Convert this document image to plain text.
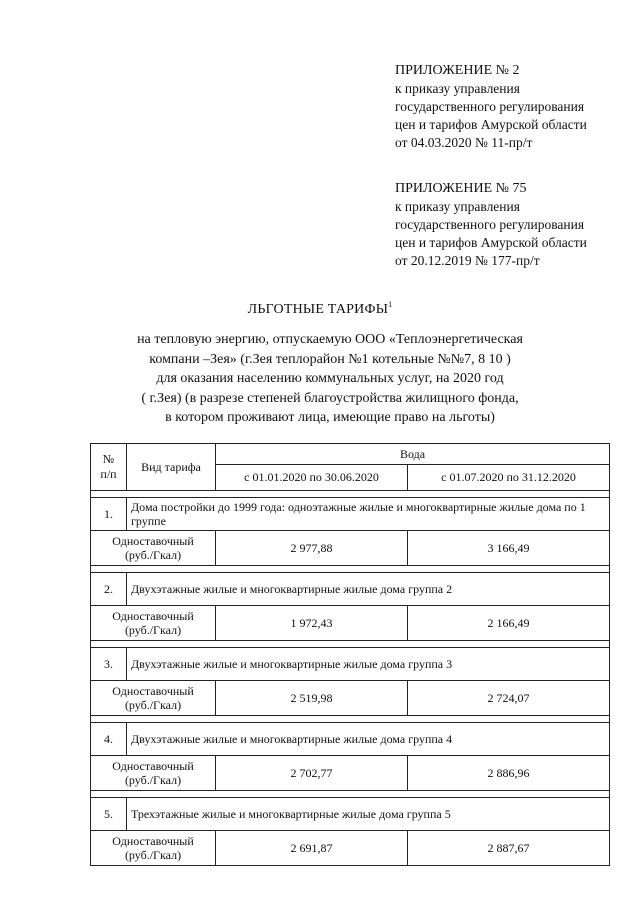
ПРИЛОЖЕНИЕ № 2
к приказу управления
государственного регулирования
цен и тарифов Амурской области
от 04.03.2020 № 11-пр/т
ПРИЛОЖЕНИЕ № 75
к приказу управления
государственного регулирования
цен и тарифов Амурской области
от 20.12.2019 № 177-пр/т
ЛЬГОТНЫЕ ТАРИФЫ$^1$
на тепловую энергию, отпускаемую ООО «Теплоэнергетическая
компани –Зея» (г.Зея теплорайон №1 котельные №№7, 8 10 )
для оказания населению коммунальных услуг, на 2020 год
( г.Зея) (в разрезе степеней благоустройства жилищного фонда,
в котором проживают лица, имеющие право на льготы)
№
п/п	Вид тарифа	Вода	
		с 01.01.2020 по 30.06.2020	с 01.07.2020 по 31.12.2020

1.	Дома постройки до 1999 года: одноэтажные жилые и многоквартирные жилые дома по 1 группе		
Одноставочный
(руб./Гкал)		2 977,88	3 166,49

2.	Двухэтажные жилые и многоквартирные жилые дома группа 2		
Одноставочный
(руб./Гкал)		1 972,43	2 166,49

3.	Двухэтажные жилые и многоквартирные жилые дома группа 3		
Одноставочный
(руб./Гкал)		2 519,98	2 724,07

4.	Двухэтажные жилые и многоквартирные жилые дома группа 4		
Одноставочный
(руб./Гкал)		2 702,77	2 886,96

5.	Трехэтажные жилые и многоквартирные жилые дома группа 5		
Одноставочный
(руб./Гкал)		2 691,87	2 887,67
